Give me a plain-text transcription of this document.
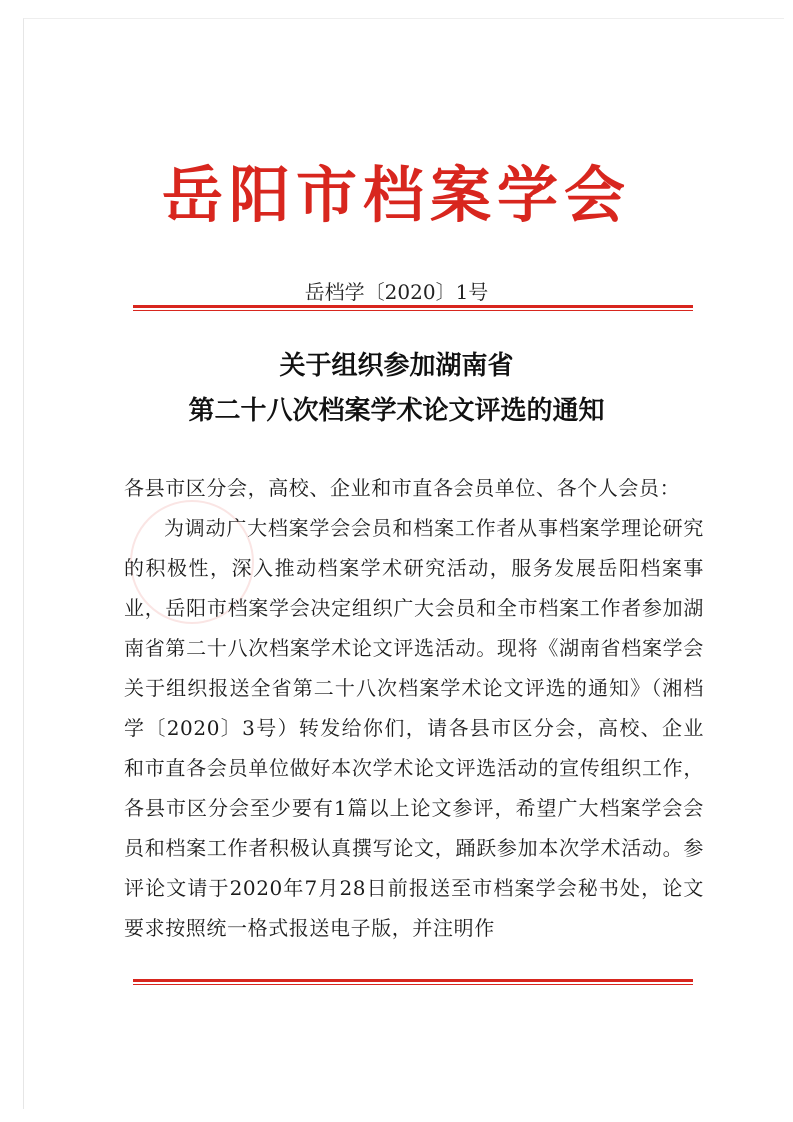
岳阳市档案学会
岳档学〔2020〕1号
关于组织参加湖南省
第二十八次档案学术论文评选的通知

各县市区分会，高校、企业和市直各会员单位、各个人会员：

为调动广大档案学会会员和档案工作者从事档案学理论研究的积极性，深入推动档案学术研究活动，服务发展岳阳档案事业，岳阳市档案学会决定组织广大会员和全市档案工作者参加湖南省第二十八次档案学术论文评选活动。现将《湖南省档案学会关于组织报送全省第二十八次档案学术论文评选的通知》（湘档学〔2020〕3号）转发给你们，请各县市区分会，高校、企业和市直各会员单位做好本次学术论文评选活动的宣传组织工作，各县市区分会至少要有1篇以上论文参评，希望广大档案学会会员和档案工作者积极认真撰写论文，踊跃参加本次学术活动。参评论文请于2020年7月28日前报送至市档案学会秘书处，论文要求按照统一格式报送电子版，并注明作
